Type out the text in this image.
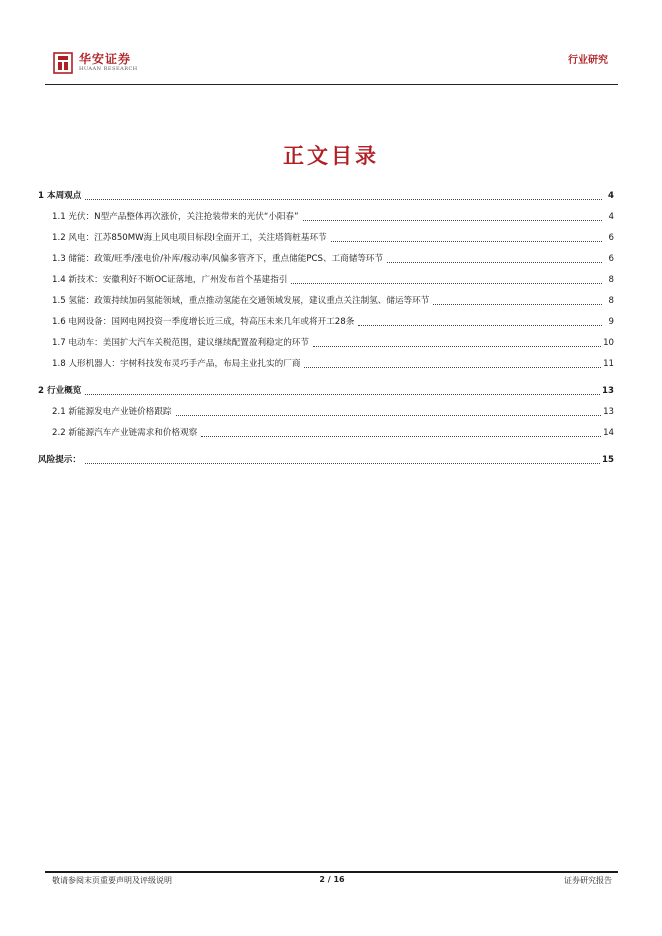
华安证券
HUAAN RESEARCH
行业研究
正文目录
1 本周观点	4
1.1 光伏：N型产品整体再次涨价，关注抢装带来的光伏“小阳春”	4
1.2 风电：江苏850MW海上风电项目标段Ⅰ全面开工，关注塔筒桩基环节	6
1.3 储能：政策/旺季/涨电价/补库/稼动率/风偏多管齐下，重点储能PCS、工商储等环节	6
1.4 新技术：安徽利好不断OC证落地，广州发布首个基建指引	8
1.5 氢能：政策持续加码氢能领域，重点推动氢能在交通领域发展，建议重点关注制氢、储运等环节	8
1.6 电网设备：国网电网投资一季度增长近三成，特高压未来几年或将开工28条	9
1.7 电动车：美国扩大汽车关税范围，建议继续配置盈利稳定的环节	10
1.8 人形机器人：宇树科技发布灵巧手产品，布局主业扎实的厂商	11
2 行业概览	13
2.1 新能源发电产业链价格跟踪	13
2.2 新能源汽车产业链需求和价格观察	14
风险提示：	15
敬请参阅末页重要声明及评级说明	2 / 16	证券研究报告
